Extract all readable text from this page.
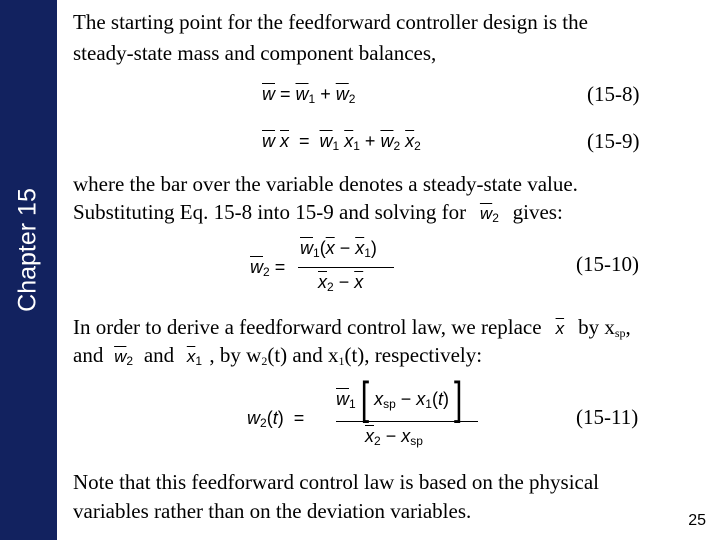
Chapter 15
The starting point for the feedforward controller design is the
steady-state mass and component balances,
$\overline{w} = \overline{w}_1 + \overline{w}_2$	(15-8)
$\overline{w}$ $\overline{x} = \overline{w}_1$ $\overline{x}_1 + \overline{w}_2$ $\overline{x}_2$	(15-9)
where the bar over the variable denotes a steady-state value.
Substituting Eq. 15-8 into 15-9 and solving for $\overline{w}_2$ gives:
$\overline{w}_2$ =
$\overline{w}_1(\overline{x} - \overline{x}_1)$
$\overline{x}_2 - \overline{x}$
(15-10)
In order to derive a feedforward control law, we replace $\overline{x}$ by $x_{sp}$,
and $\overline{w}_2$ and $\overline{x}_1$ , by $w_2(t)$ and $x_1(t)$, respectively:
$w_2(t)$  =
$\overline{w}_1$ [ $x_{sp} - x_1(t)$ ]
$\overline{x}_2 - x_{sp}$
(15-11)
Note that this feedforward control law is based on the physical
variables rather than on the deviation variables.	25
